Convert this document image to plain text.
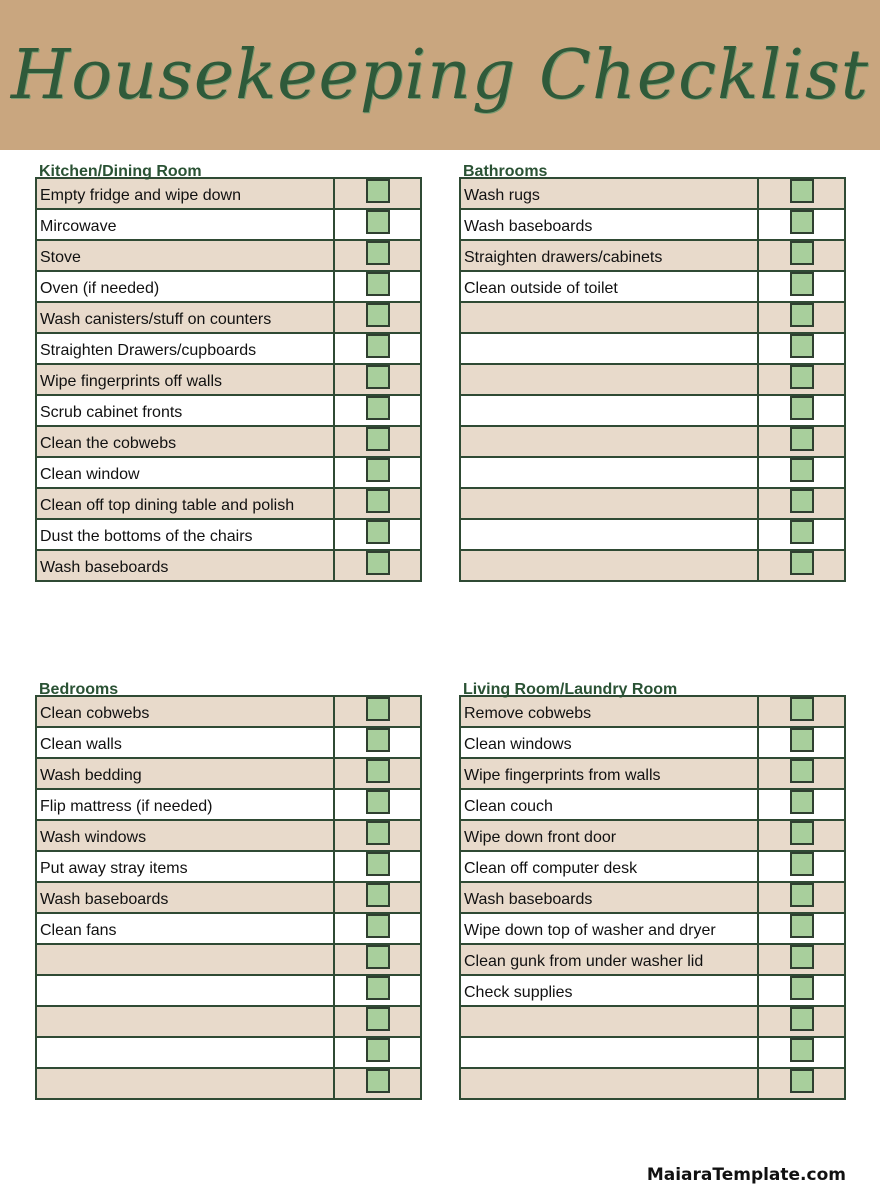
Housekeeping Checklist
Kitchen/Dining Room
Empty fridge and wipe down	
Mircowave	
Stove	
Oven (if needed)	
Wash canisters/stuff on counters	
Straighten Drawers/cupboards	
Wipe fingerprints off walls	
Scrub cabinet fronts	
Clean the cobwebs	
Clean window	
Clean off top dining table and polish	
Dust the bottoms of the chairs	
Wash baseboards	
Bathrooms
Wash rugs	
Wash baseboards	
Straighten drawers/cabinets	
Clean outside of toilet	

Bedrooms
Clean cobwebs	
Clean walls	
Wash bedding	
Flip mattress (if needed)	
Wash windows	
Put away stray items	
Wash baseboards	
Clean fans	

Living Room/Laundry Room
Remove cobwebs	
Clean windows	
Wipe fingerprints from walls	
Clean couch	
Wipe down front door	
Clean off computer desk	
Wash baseboards	
Wipe down top of washer and dryer	
Clean gunk from under washer lid	
Check supplies	

MaiaraTemplate.com
